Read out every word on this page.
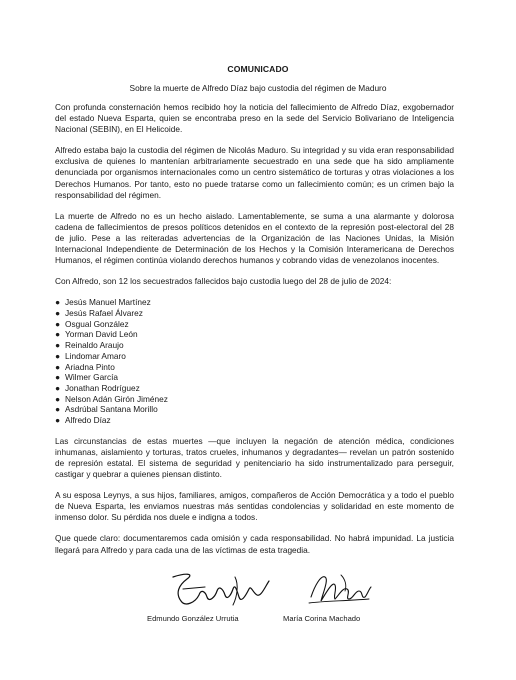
COMUNICADO
Sobre la muerte de Alfredo Díaz bajo custodia del régimen de Maduro

Con profunda consternación hemos recibido hoy la noticia del fallecimiento de Alfredo Díaz, exgobernador del estado Nueva Esparta, quien se encontraba preso en la sede del Servicio Bolivariano de Inteligencia Nacional (SEBIN), en El Helicoide.

Alfredo estaba bajo la custodia del régimen de Nicolás Maduro. Su integridad y su vida eran responsabilidad exclusiva de quienes lo mantenían arbitrariamente secuestrado en una sede que ha sido ampliamente denunciada por organismos internacionales como un centro sistemático de torturas y otras violaciones a los Derechos Humanos. Por tanto, esto no puede tratarse como un fallecimiento común; es un crimen bajo la responsabilidad del régimen.

La muerte de Alfredo no es un hecho aislado. Lamentablemente, se suma a una alarmante y dolorosa cadena de fallecimientos de presos políticos detenidos en el contexto de la represión post-electoral del 28 de julio. Pese a las reiteradas advertencias de la Organización de las Naciones Unidas, la Misión Internacional Independiente de Determinación de los Hechos y la Comisión Interamericana de Derechos Humanos, el régimen continúa violando derechos humanos y cobrando vidas de venezolanos inocentes.

Con Alfredo, son 12 los secuestrados fallecidos bajo custodia luego del 28 de julio de 2024:

● Jesús Manuel Martínez
● Jesús Rafael Álvarez
● Osgual González
● Yorman David León
● Reinaldo Araujo
● Lindomar Amaro
● Ariadna Pinto
● Wilmer García
● Jonathan Rodríguez
● Nelson Adán Girón Jiménez
● Asdrúbal Santana Morillo
● Alfredo Díaz

Las circunstancias de estas muertes —que incluyen la negación de atención médica, condiciones inhumanas, aislamiento y torturas, tratos crueles, inhumanos y degradantes— revelan un patrón sostenido de represión estatal. El sistema de seguridad y penitenciario ha sido instrumentalizado para perseguir, castigar y quebrar a quienes piensan distinto.

A su esposa Leynys, a sus hijos, familiares, amigos, compañeros de Acción Democrática y a todo el pueblo de Nueva Esparta, les enviamos nuestras más sentidas condolencias y solidaridad en este momento de inmenso dolor. Su pérdida nos duele e indigna a todos.

Que quede claro: documentaremos cada omisión y cada responsabilidad. No habrá impunidad. La justicia llegará para Alfredo y para cada una de las víctimas de esta tragedia.

Edmundo González Urrutia	María Corina Machado
